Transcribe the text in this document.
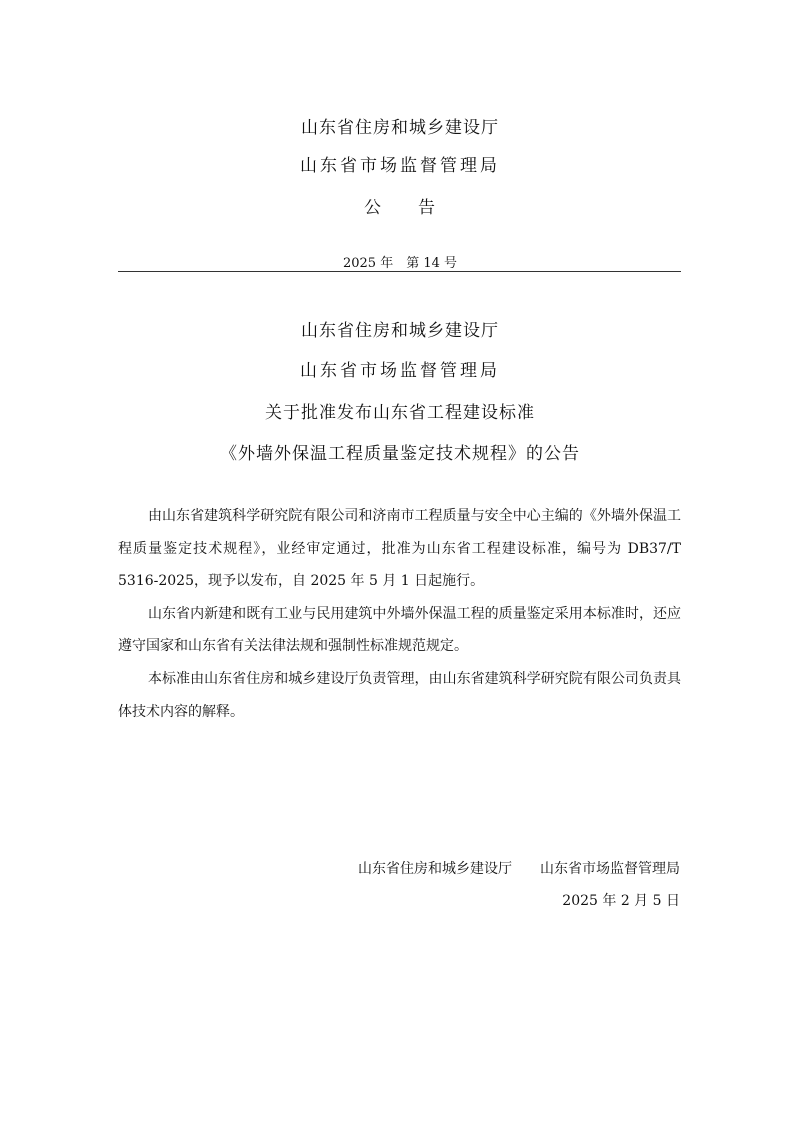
山东省住房和城乡建设厅
山东省市场监督管理局
公　　告
2025 年　第 14 号
山东省住房和城乡建设厅
山东省市场监督管理局
关于批准发布山东省工程建设标准
《外墙外保温工程质量鉴定技术规程》的公告
由山东省建筑科学研究院有限公司和济南市工程质量与安全中心主编的《外墙外保温工
程质量鉴定技术规程》，业经审定通过，批准为山东省工程建设标准，编号为 DB37/T
5316-2025，现予以发布，自 2025 年 5 月 1 日起施行。
山东省内新建和既有工业与民用建筑中外墙外保温工程的质量鉴定采用本标准时，还应
遵守国家和山东省有关法律法规和强制性标准规范规定。
本标准由山东省住房和城乡建设厅负责管理，由山东省建筑科学研究院有限公司负责具
体技术内容的解释。
山东省住房和城乡建设厅　　山东省市场监督管理局
2025 年 2 月 5 日
